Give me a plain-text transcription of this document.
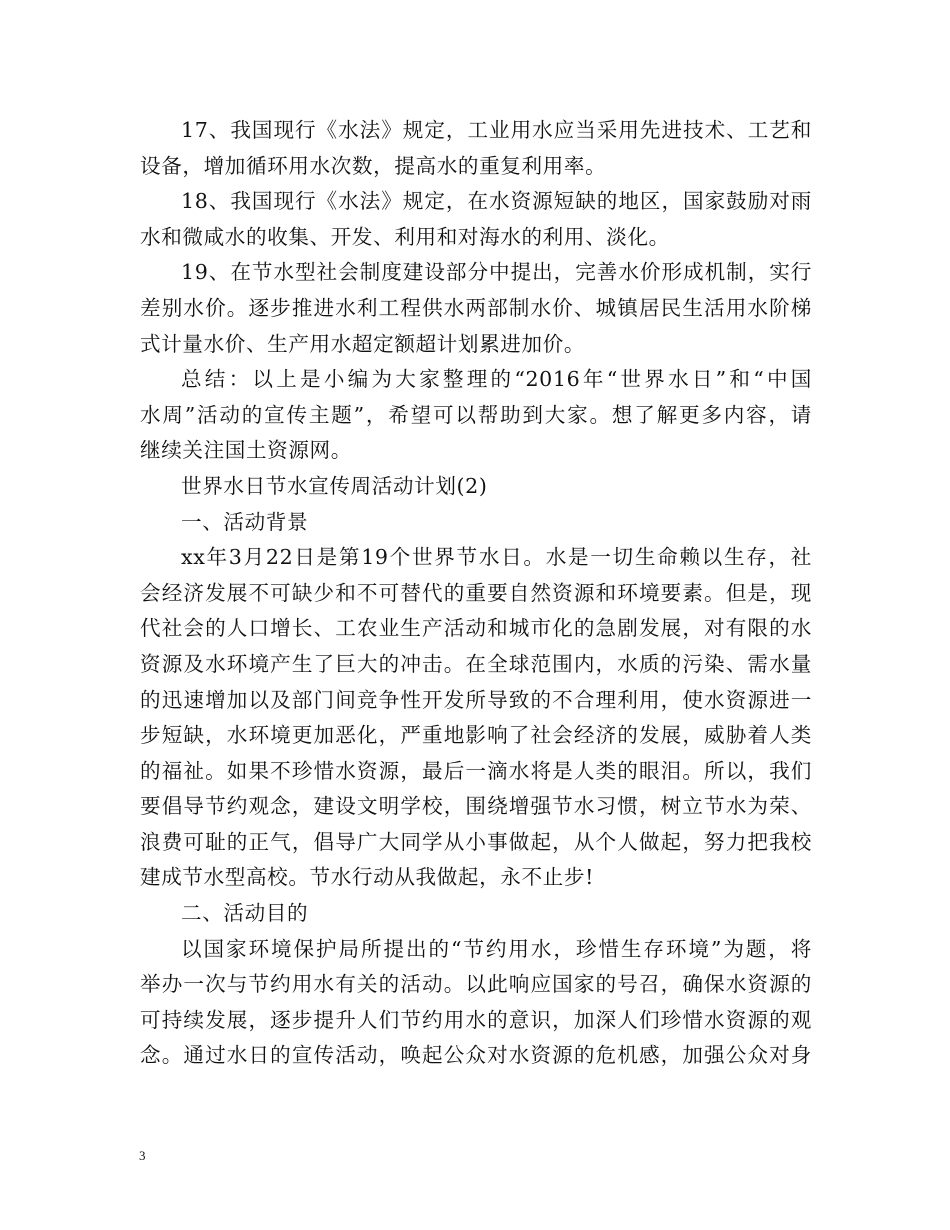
17、我国现行《水法》规定，工业用水应当采用先进技术、工艺和
设备，增加循环用水次数，提高水的重复利用率。
18、我国现行《水法》规定，在水资源短缺的地区，国家鼓励对雨
水和微咸水的收集、开发、利用和对海水的利用、淡化。
19、在节水型社会制度建设部分中提出，完善水价形成机制，实行
差别水价。逐步推进水利工程供水两部制水价、城镇居民生活用水阶梯
式计量水价、生产用水超定额超计划累进加价。
总结：以上是小编为大家整理的“2016年“世界水日”和“中国
水周”活动的宣传主题”，希望可以帮助到大家。想了解更多内容，请
继续关注国土资源网。
世界水日节水宣传周活动计划(2)
一、活动背景
xx年3月22日是第19个世界节水日。水是一切生命赖以生存，社
会经济发展不可缺少和不可替代的重要自然资源和环境要素。但是，现
代社会的人口增长、工农业生产活动和城市化的急剧发展，对有限的水
资源及水环境产生了巨大的冲击。在全球范围内，水质的污染、需水量
的迅速增加以及部门间竞争性开发所导致的不合理利用，使水资源进一
步短缺，水环境更加恶化，严重地影响了社会经济的发展，威胁着人类
的福祉。如果不珍惜水资源，最后一滴水将是人类的眼泪。所以，我们
要倡导节约观念，建设文明学校，围绕增强节水习惯，树立节水为荣、
浪费可耻的正气，倡导广大同学从小事做起，从个人做起，努力把我校
建成节水型高校。节水行动从我做起，永不止步!
二、活动目的
以国家环境保护局所提出的“节约用水，珍惜生存环境”为题，将
举办一次与节约用水有关的活动。以此响应国家的号召，确保水资源的
可持续发展，逐步提升人们节约用水的意识，加深人们珍惜水资源的观
念。通过水日的宣传活动，唤起公众对水资源的危机感，加强公众对身
3
